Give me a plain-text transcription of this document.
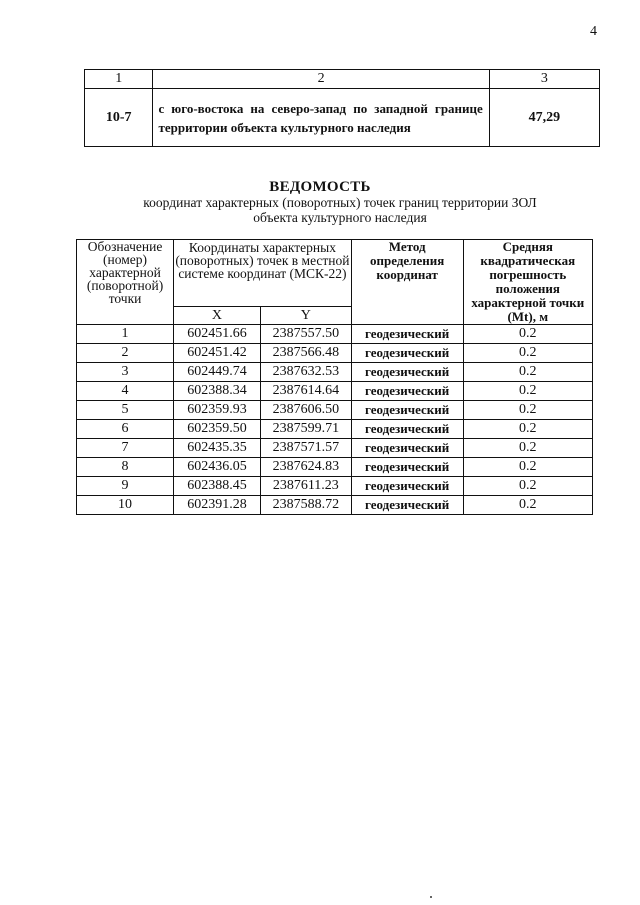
4
1	2	3
10-7	с юго-востока на северо-запад по западной границе территории объекта культурного наследия	47,29
ВЕДОМОСТЬ
координат характерных (поворотных) точек границ территории ЗОЛ объекта культурного наследия
Обозначение (номер) характерной (поворотной) точки	Координаты характерных (поворотных) точек в местной системе координат (МСК-22)		Метод определения координат	Средняя квадратическая погрешность положения характерной точки (Mt), м
	X	Y		
1	602451.66	2387557.50	геодезический	0.2
2	602451.42	2387566.48	геодезический	0.2
3	602449.74	2387632.53	геодезический	0.2
4	602388.34	2387614.64	геодезический	0.2
5	602359.93	2387606.50	геодезический	0.2
6	602359.50	2387599.71	геодезический	0.2
7	602435.35	2387571.57	геодезический	0.2
8	602436.05	2387624.83	геодезический	0.2
9	602388.45	2387611.23	геодезический	0.2
10	602391.28	2387588.72	геодезический	0.2
